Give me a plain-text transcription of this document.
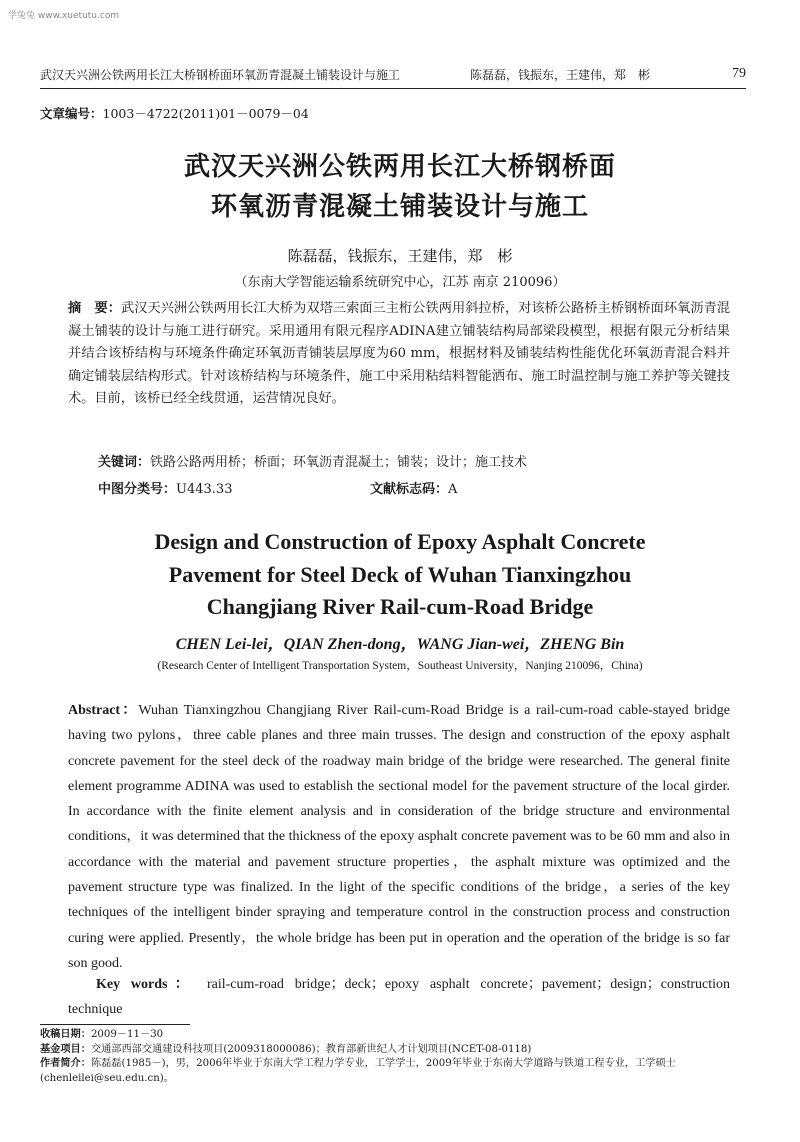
学兔兔 www.xuetutu.com
武汉天兴洲公铁两用长江大桥钢桥面环氧沥青混凝土铺装设计与施工	陈磊磊，钱振东，王建伟，郑　彬	79
文章编号：1003－4722(2011)01－0079－04
武汉天兴洲公铁两用长江大桥钢桥面
环氧沥青混凝土铺装设计与施工
陈磊磊，钱振东，王建伟，郑　彬
（东南大学智能运输系统研究中心，江苏 南京 210096）
摘　要：武汉天兴洲公铁两用长江大桥为双塔三索面三主桁公铁两用斜拉桥，对该桥公路桥主桥钢桥面环氧沥青混凝土铺装的设计与施工进行研究。采用通用有限元程序ADINA建立铺装结构局部梁段模型，根据有限元分析结果并结合该桥结构与环境条件确定环氧沥青铺装层厚度为60 mm，根据材料及铺装结构性能优化环氧沥青混合料并确定铺装层结构形式。针对该桥结构与环境条件，施工中采用粘结料智能洒布、施工时温控制与施工养护等关键技术。目前，该桥已经全线贯通，运营情况良好。
关键词：铁路公路两用桥；桥面；环氧沥青混凝土；铺装；设计；施工技术
中图分类号：U443.33	文献标志码：A
Design and Construction of Epoxy Asphalt Concrete
Pavement for Steel Deck of Wuhan Tianxingzhou
Changjiang River Rail-cum-Road Bridge
CHEN Lei-lei，QIAN Zhen-dong，WANG Jian-wei，ZHENG Bin
(Research Center of Intelligent Transportation System，Southeast University，Nanjing 210096，China)
Abstract：Wuhan Tianxingzhou Changjiang River Rail-cum-Road Bridge is a rail-cum-road cable-stayed bridge having two pylons，three cable planes and three main trusses. The design and construction of the epoxy asphalt concrete pavement for the steel deck of the roadway main bridge of the bridge were researched. The general finite element programme ADINA was used to establish the sectional model for the pavement structure of the local girder. In accordance with the finite element analysis and in consideration of the bridge structure and environmental conditions，it was determined that the thickness of the epoxy asphalt concrete pavement was to be 60 mm and also in accordance with the material and pavement structure properties，the asphalt mixture was optimized and the pavement structure type was finalized. In the light of the specific conditions of the bridge，a series of the key techniques of the intelligent binder spraying and temperature control in the construction process and construction curing were applied. Presently，the whole bridge has been put in operation and the operation of the bridge is so far son good.
Key words： rail-cum-road bridge；deck；epoxy asphalt concrete；pavement；design；construction technique
收稿日期：2009－11－30
基金项目：交通部西部交通建设科技项目(2009318000086)；教育部新世纪人才计划项目(NCET-08-0118)
作者简介：陈磊磊(1985－)，男，2006年毕业于东南大学工程力学专业，工学学士，2009年毕业于东南大学道路与铁道工程专业，工学硕士(chenleilei@seu.edu.cn)。
